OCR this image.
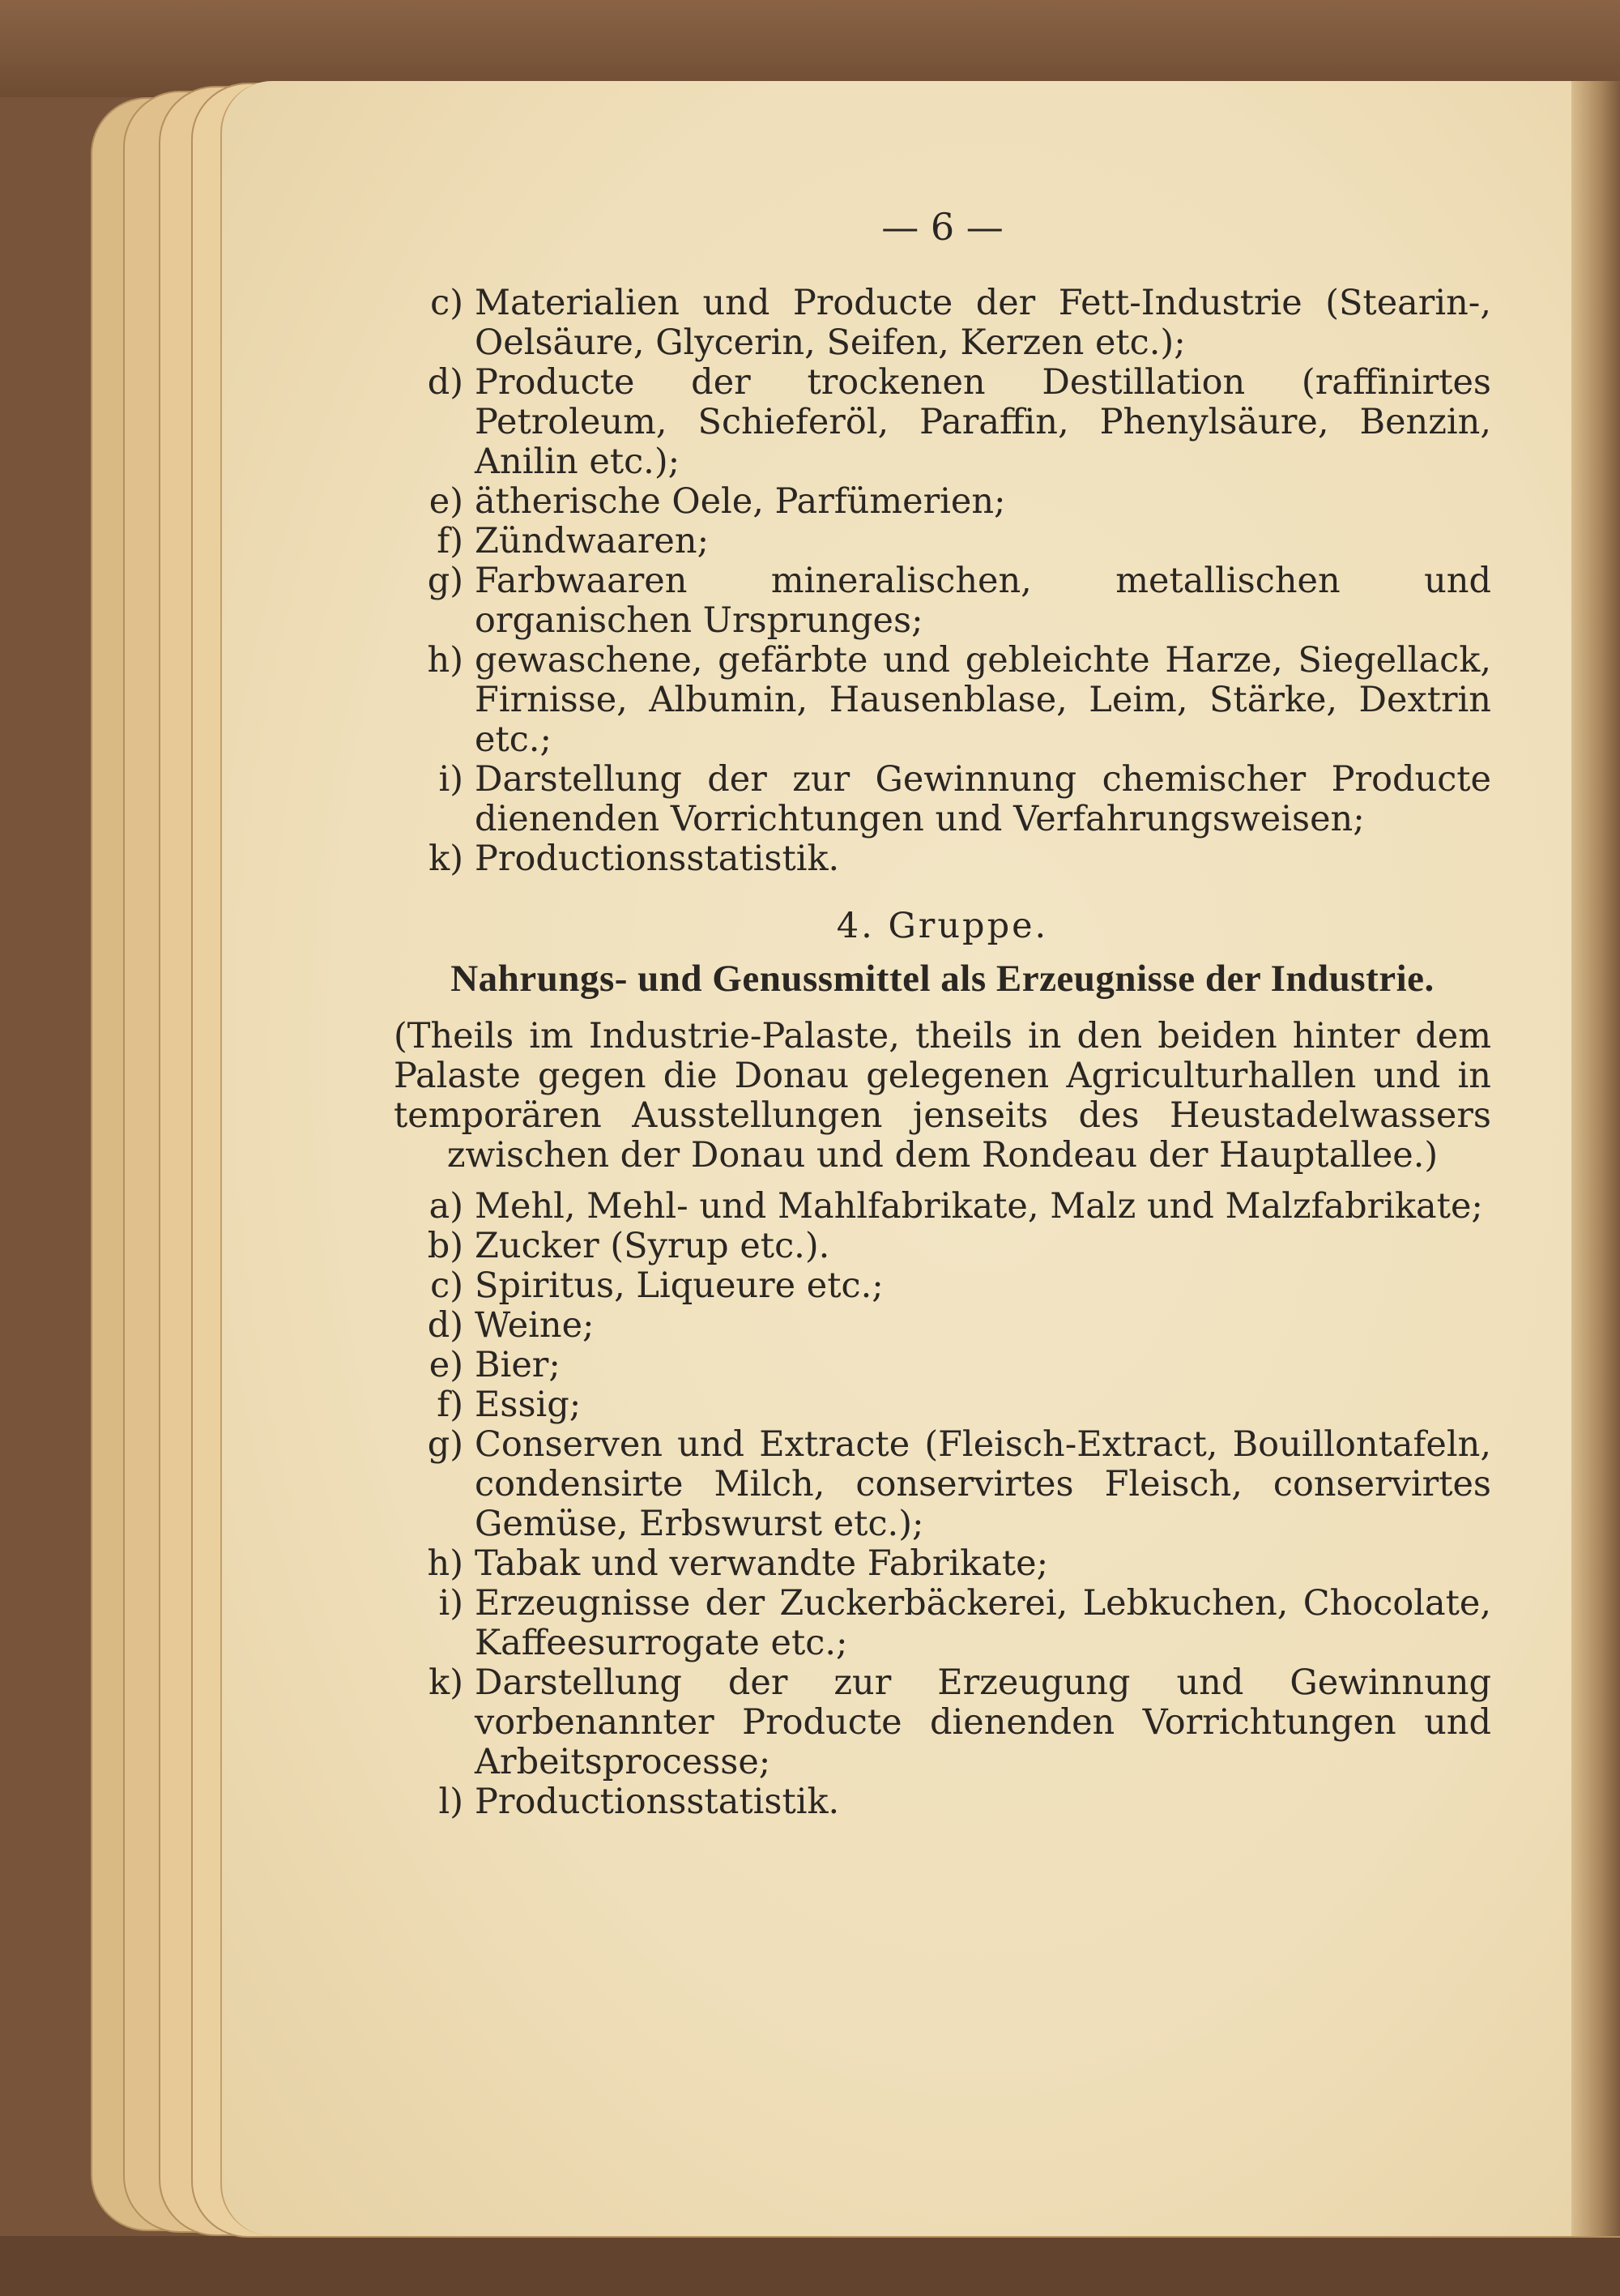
— 6 —
c) Materialien und Producte der Fett-Industrie (Stearin-, Oelsäure, Glycerin, Seifen, Kerzen etc.);
d) Producte der trockenen Destillation (raffinirtes Petroleum, Schieferöl, Paraffin, Phenylsäure, Benzin, Anilin etc.);
e) ätherische Oele, Parfümerien;
f) Zündwaaren;
g) Farbwaaren mineralischen, metallischen und organischen Ursprunges;
h) gewaschene, gefärbte und gebleichte Harze, Siegellack, Firnisse, Albumin, Hausenblase, Leim, Stärke, Dextrin etc.;
i) Darstellung der zur Gewinnung chemischer Producte dienenden Vorrichtungen und Verfahrungsweisen;
k) Productionsstatistik.
4. Gruppe.
Nahrungs- und Genussmittel als Erzeugnisse der Industrie.
(Theils im Industrie-Palaste, theils in den beiden hinter dem Palaste gegen die Donau gelegenen Agriculturhallen und in temporären Ausstellungen jenseits des Heustadelwassers zwischen der Donau und dem Rondeau der Hauptallee.)
a) Mehl, Mehl- und Mahlfabrikate, Malz und Malzfabrikate;
b) Zucker (Syrup etc.).
c) Spiritus, Liqueure etc.;
d) Weine;
e) Bier;
f) Essig;
g) Conserven und Extracte (Fleisch-Extract, Bouillontafeln, condensirte Milch, conservirtes Fleisch, conservirtes Gemüse, Erbswurst etc.);
h) Tabak und verwandte Fabrikate;
i) Erzeugnisse der Zuckerbäckerei, Lebkuchen, Chocolate, Kaffeesurrogate etc.;
k) Darstellung der zur Erzeugung und Gewinnung vorbenannter Producte dienenden Vorrichtungen und Arbeitsprocesse;
l) Productionsstatistik.
